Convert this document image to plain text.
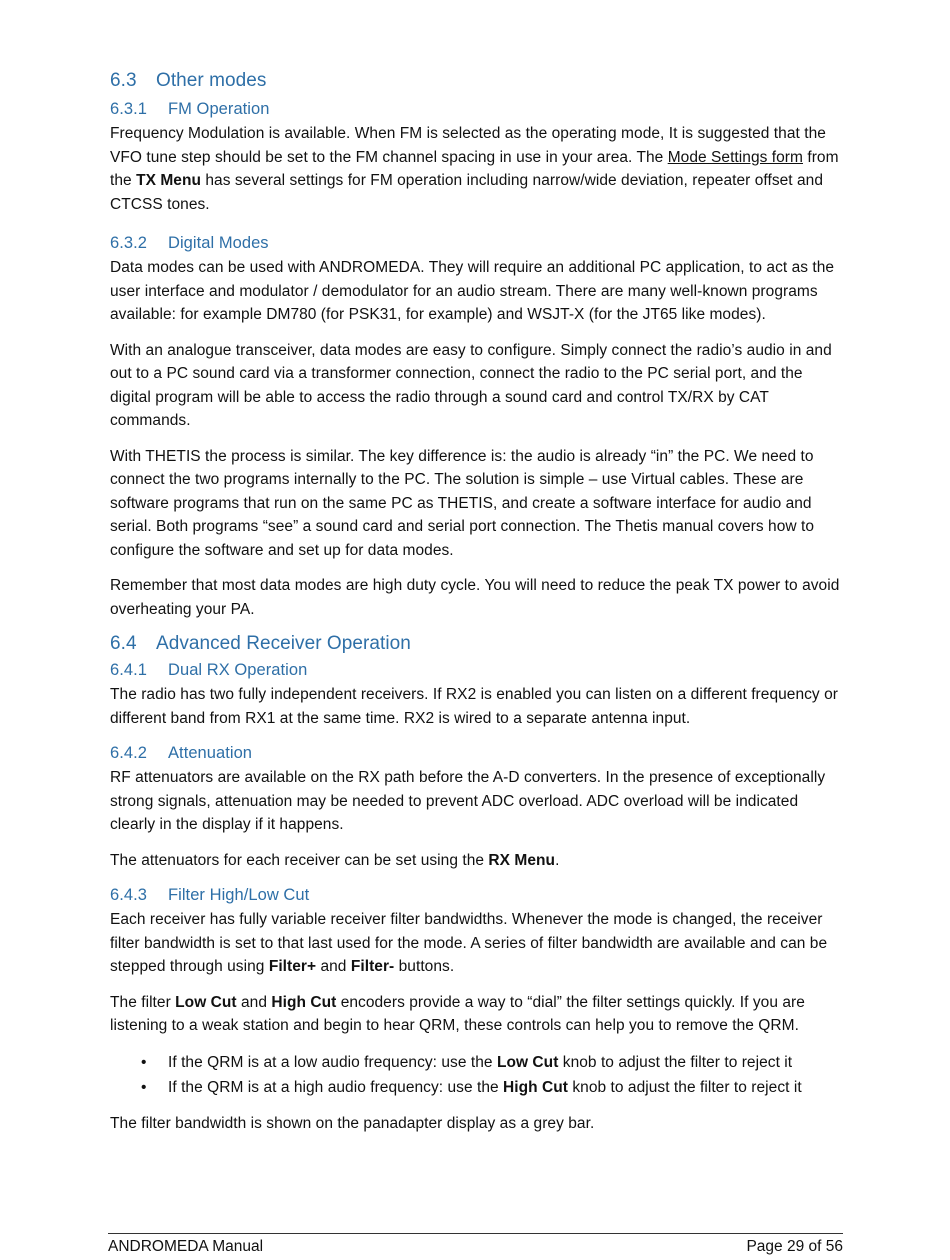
6.3 Other modes
6.3.1 FM Operation

Frequency Modulation is available. When FM is selected as the operating mode, It is suggested that the VFO tune step should be set to the FM channel spacing in use in your area. The Mode Settings form from the TX Menu has several settings for FM operation including narrow/wide deviation, repeater offset and CTCSS tones.

6.3.2 Digital Modes

Data modes can be used with ANDROMEDA. They will require an additional PC application, to act as the user interface and modulator / demodulator for an audio stream. There are many well-known programs available: for example DM780 (for PSK31, for example) and WSJT-X (for the JT65 like modes).

With an analogue transceiver, data modes are easy to configure. Simply connect the radio’s audio in and out to a PC sound card via a transformer connection, connect the radio to the PC serial port, and the digital program will be able to access the radio through a sound card and control TX/RX by CAT commands.

With THETIS the process is similar. The key difference is: the audio is already “in” the PC. We need to connect the two programs internally to the PC. The solution is simple – use Virtual cables. These are software programs that run on the same PC as THETIS, and create a software interface for audio and serial. Both programs “see” a sound card and serial port connection. The Thetis manual covers how to configure the software and set up for data modes.

Remember that most data modes are high duty cycle. You will need to reduce the peak TX power to avoid overheating your PA.

6.4 Advanced Receiver Operation
6.4.1 Dual RX Operation

The radio has two fully independent receivers. If RX2 is enabled you can listen on a different frequency or different band from RX1 at the same time. RX2 is wired to a separate antenna input.

6.4.2 Attenuation

RF attenuators are available on the RX path before the A-D converters. In the presence of exceptionally strong signals, attenuation may be needed to prevent ADC overload. ADC overload will be indicated clearly in the display if it happens.

The attenuators for each receiver can be set using the RX Menu.

6.4.3 Filter High/Low Cut

Each receiver has fully variable receiver filter bandwidths. Whenever the mode is changed, the receiver filter bandwidth is set to that last used for the mode. A series of filter bandwidth are available and can be stepped through using Filter+ and Filter- buttons.

The filter Low Cut and High Cut encoders provide a way to “dial” the filter settings quickly. If you are listening to a weak station and begin to hear QRM, these controls can help you to remove the QRM.

• If the QRM is at a low audio frequency: use the Low Cut knob to adjust the filter to reject it
• If the QRM is at a high audio frequency: use the High Cut knob to adjust the filter to reject it

The filter bandwidth is shown on the panadapter display as a grey bar.

ANDROMEDA Manual	Page 29 of 56
